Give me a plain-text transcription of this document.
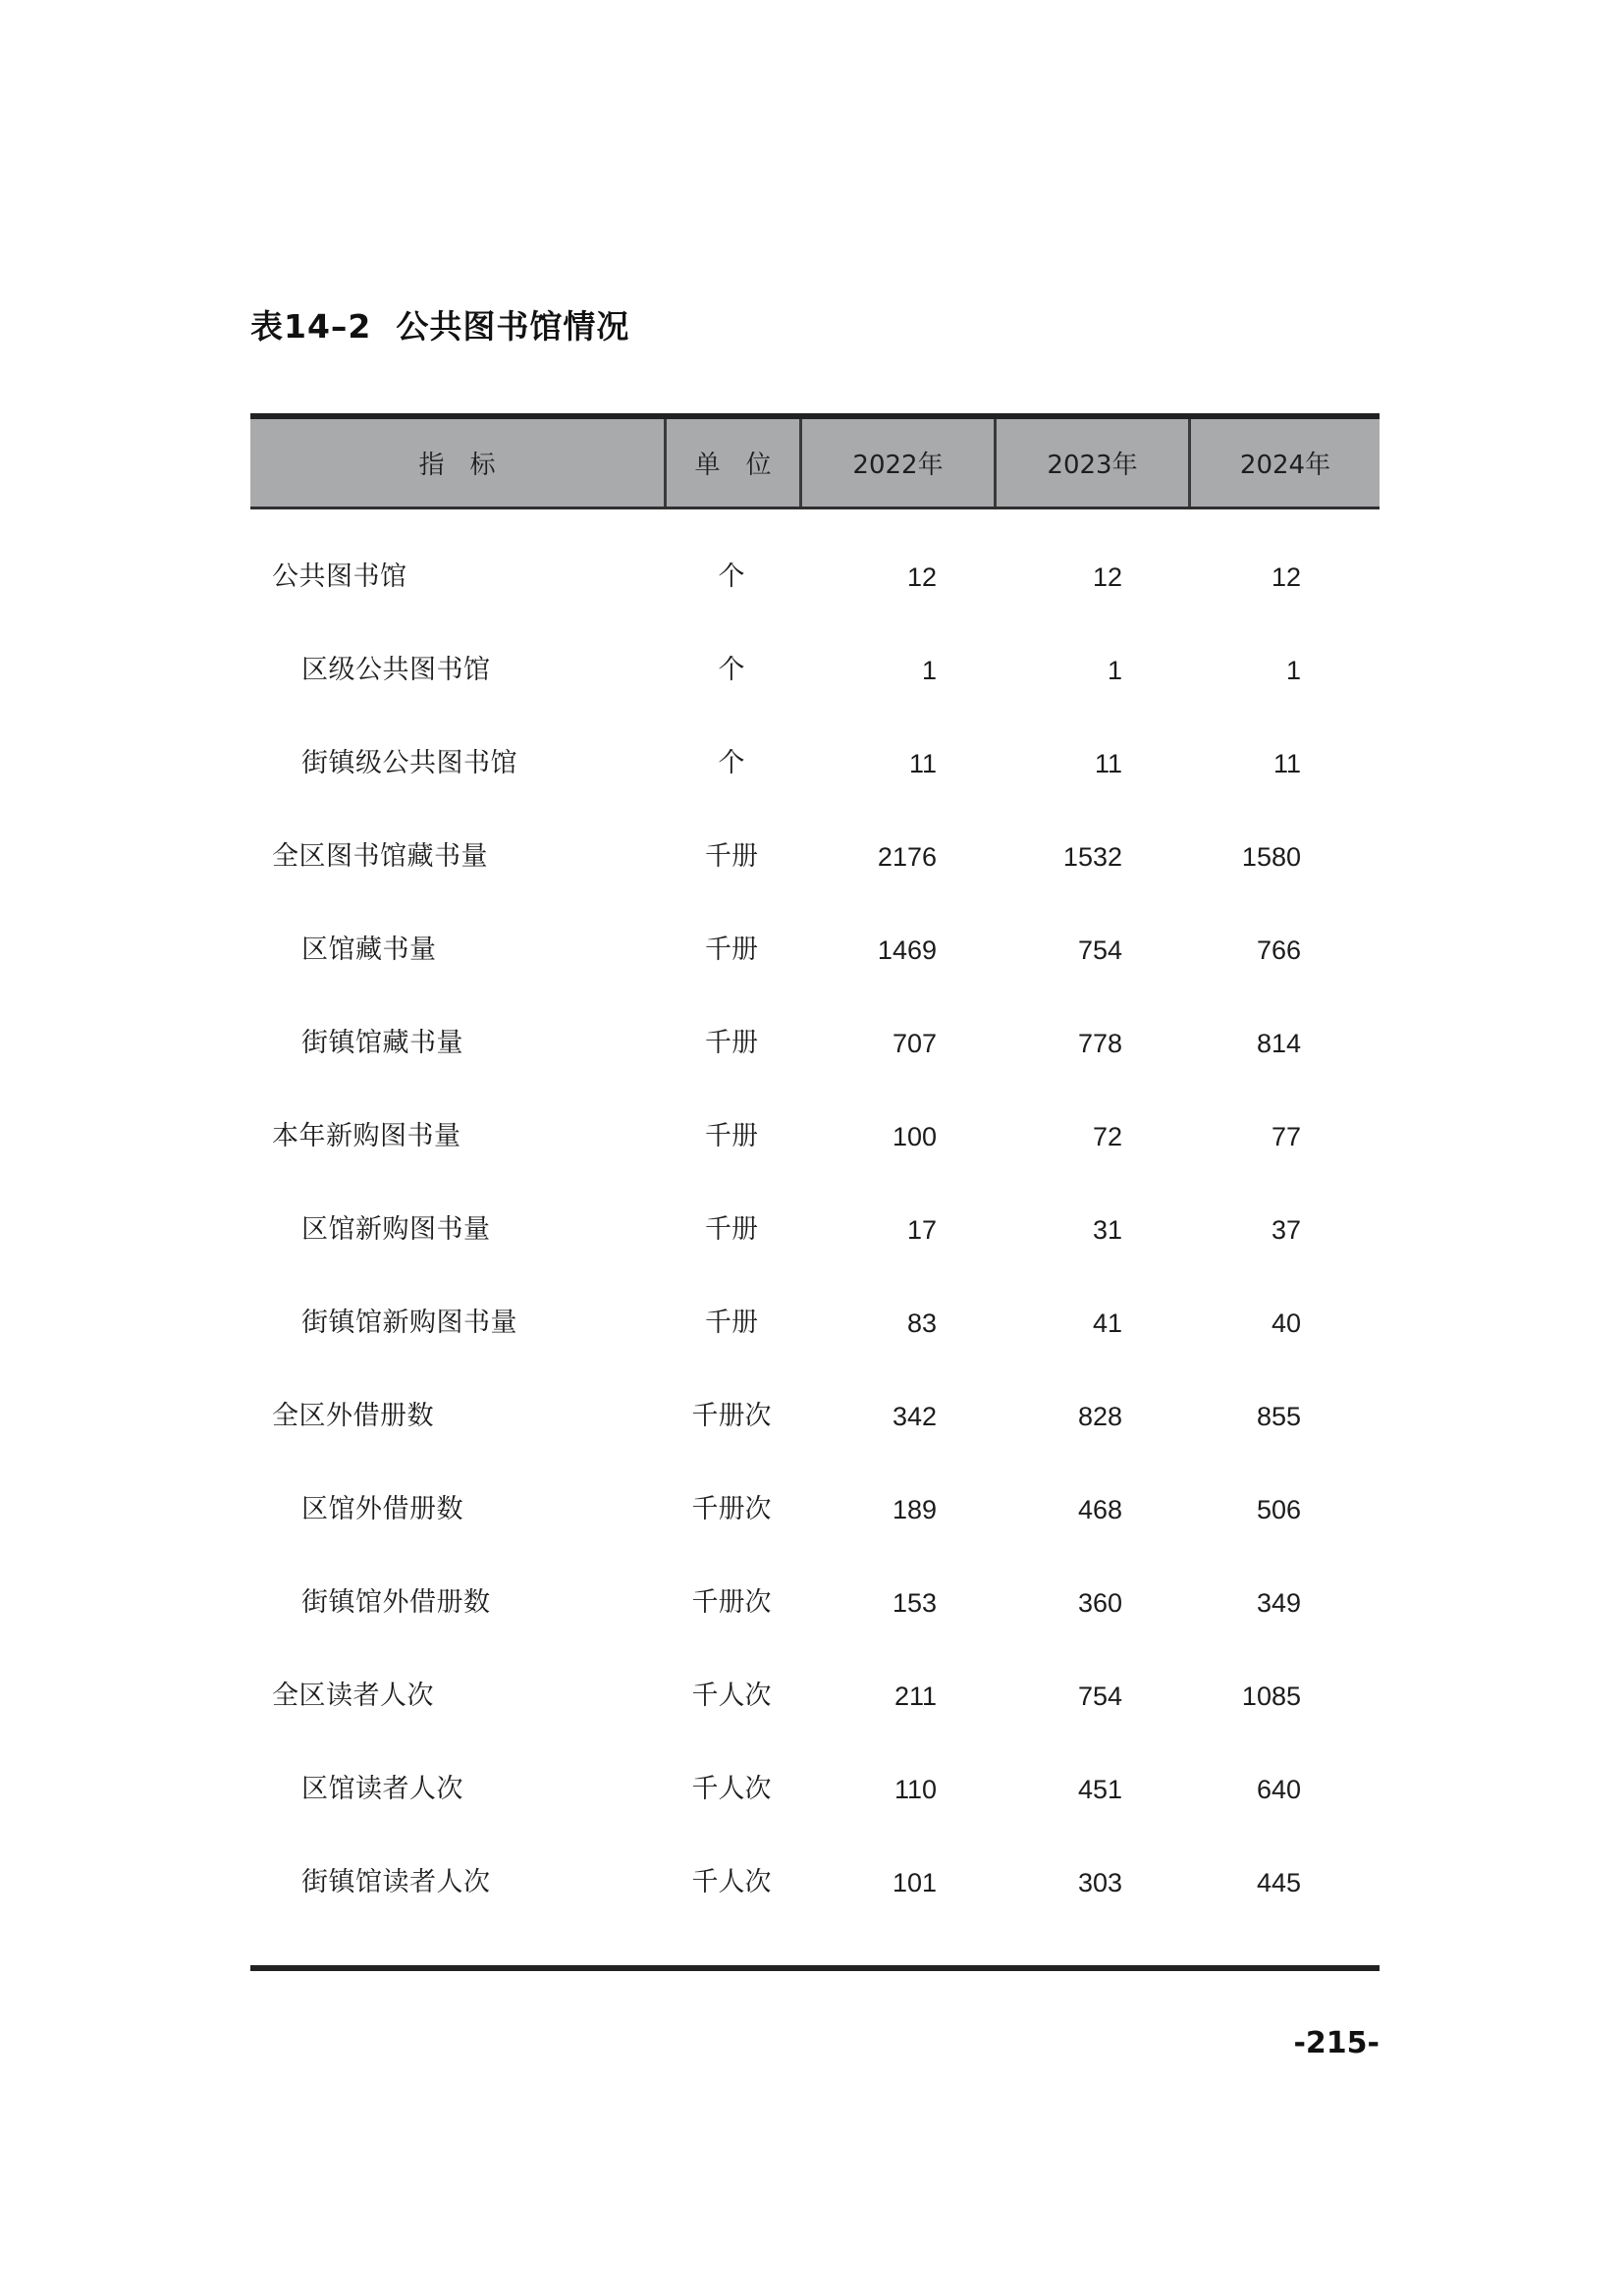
表14–2  公共图书馆情况
指　标	单　位	2022年	2023年	2024年
公共图书馆	个	12	12	12
区级公共图书馆	个	1	1	1
街镇级公共图书馆	个	11	11	11
全区图书馆藏书量	千册	2176	1532	1580
区馆藏书量	千册	1469	754	766
街镇馆藏书量	千册	707	778	814
本年新购图书量	千册	100	72	77
区馆新购图书量	千册	17	31	37
街镇馆新购图书量	千册	83	41	40
全区外借册数	千册次	342	828	855
区馆外借册数	千册次	189	468	506
街镇馆外借册数	千册次	153	360	349
全区读者人次	千人次	211	754	1085
区馆读者人次	千人次	110	451	640
街镇馆读者人次	千人次	101	303	445
-215-
